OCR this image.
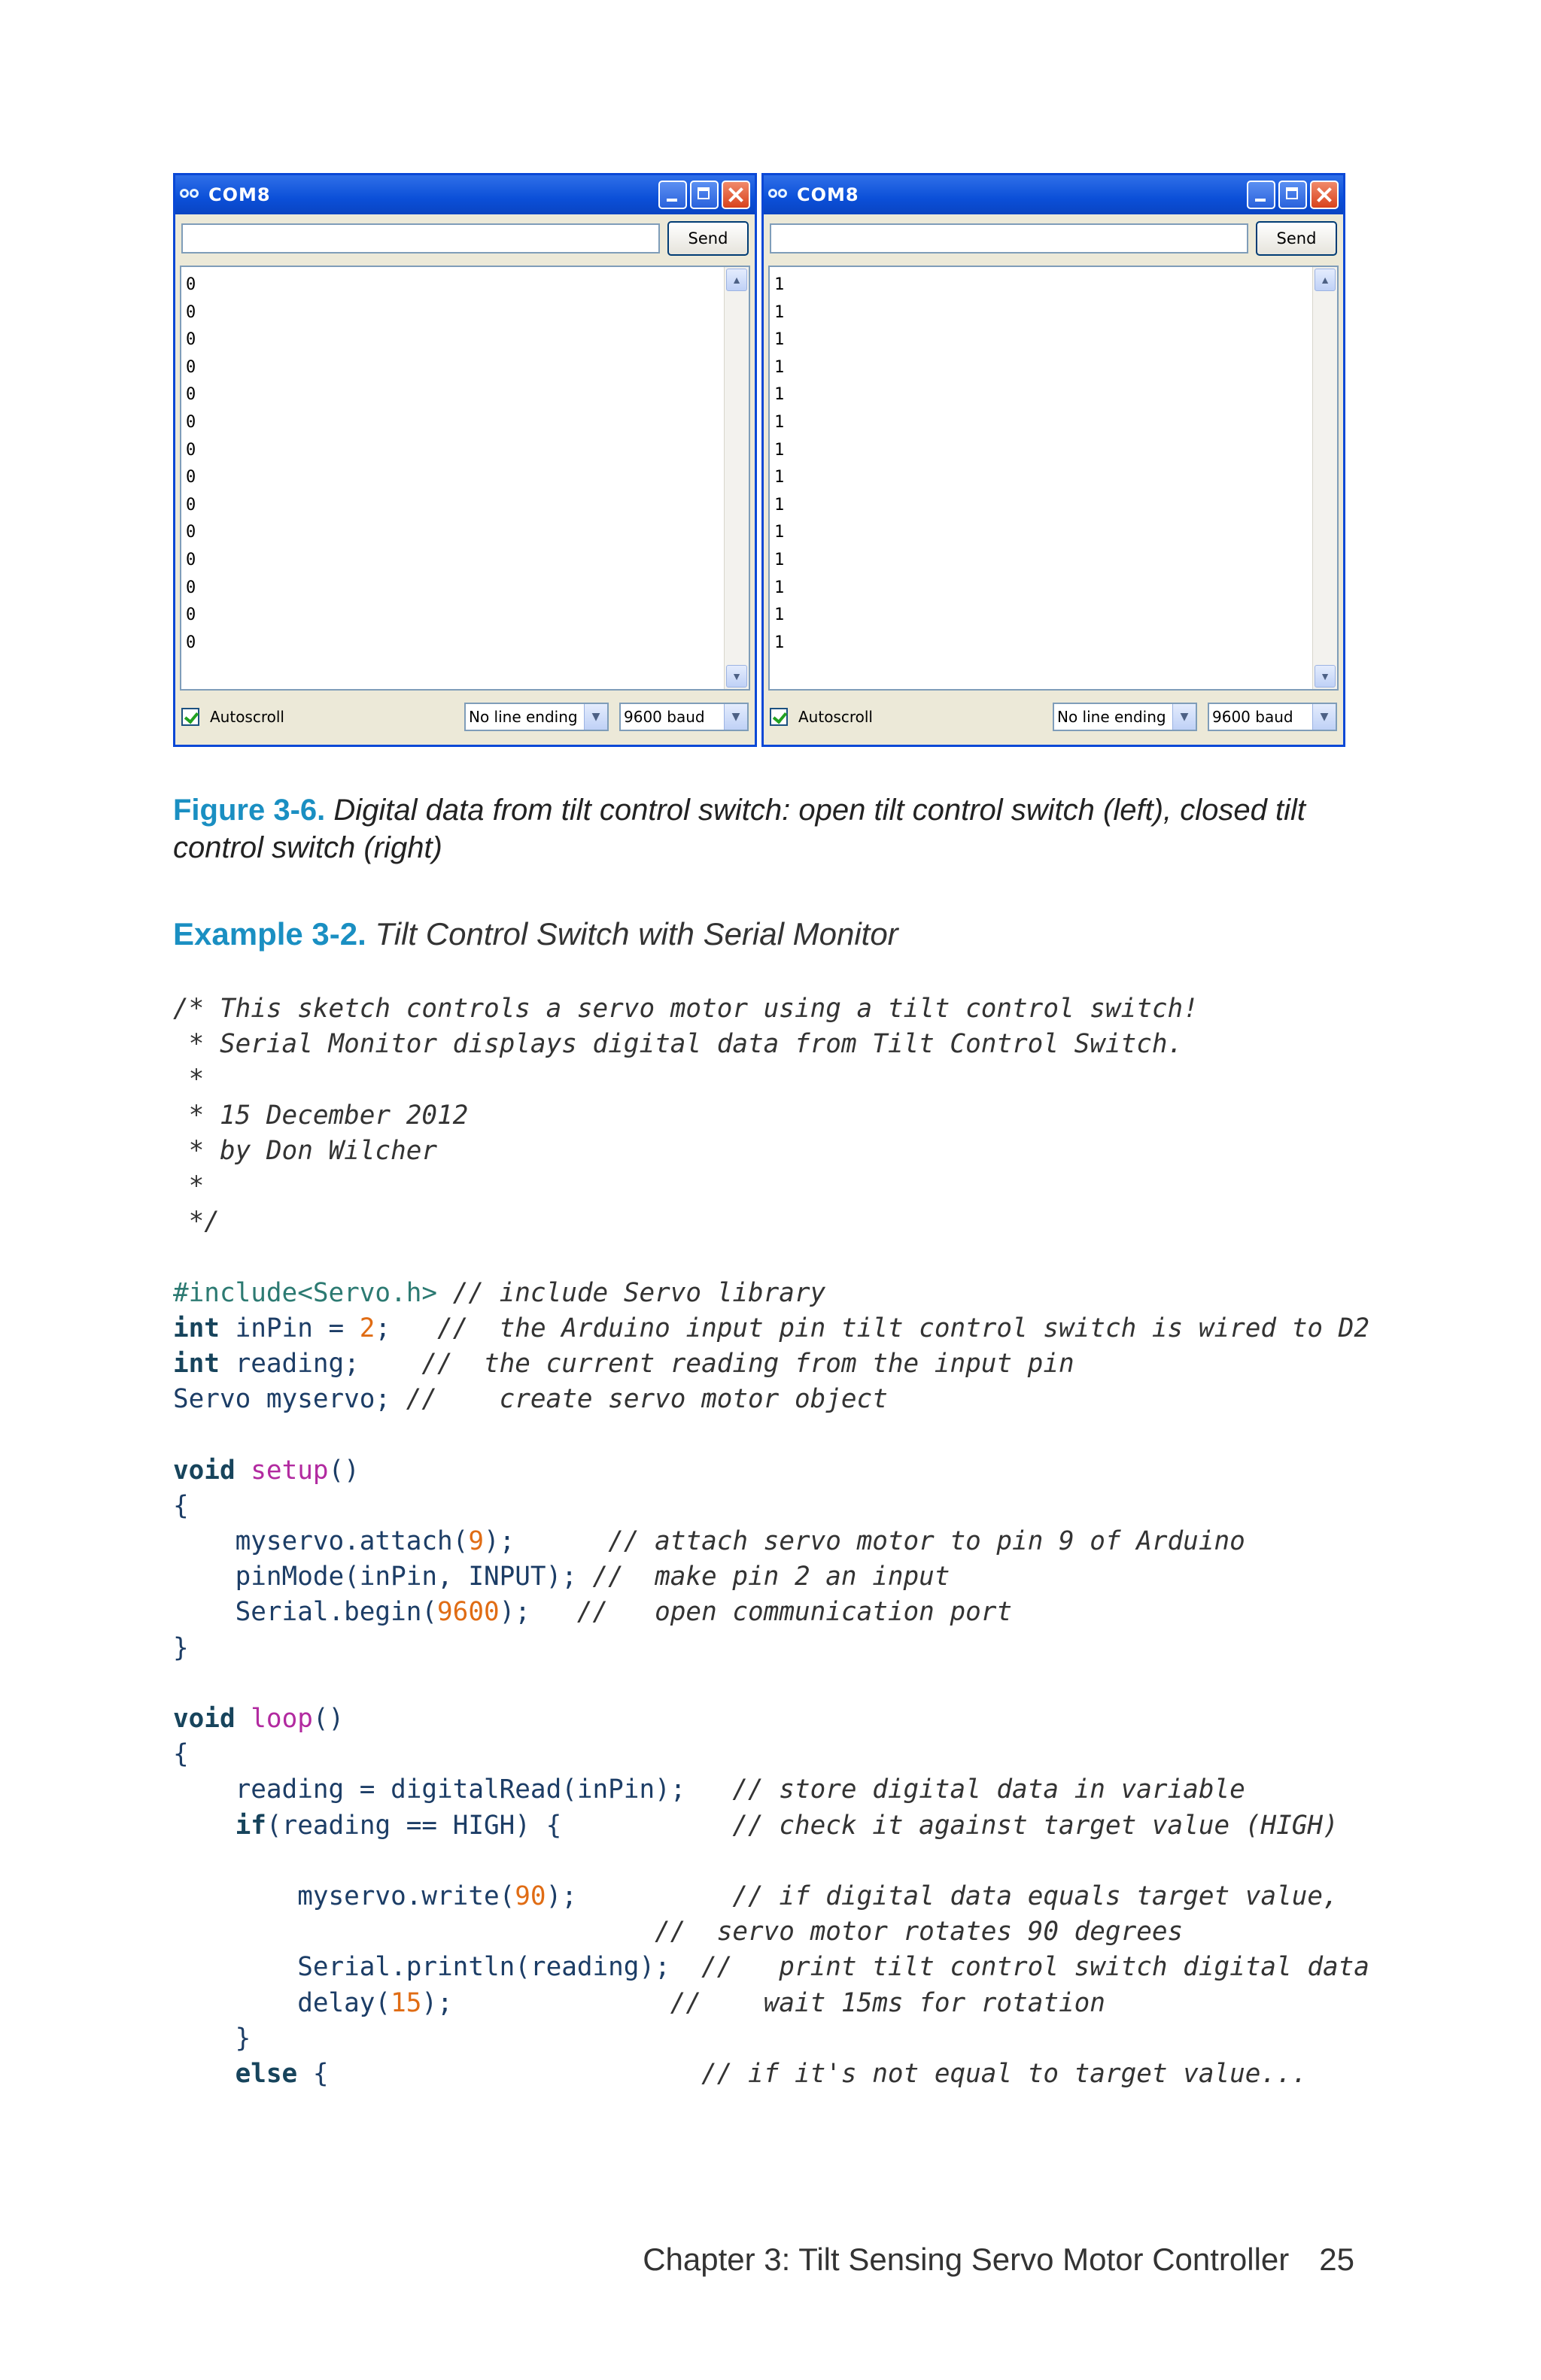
COM8
Send
0
0
0
0
0
0
0
0
0
0
0
0
0
0
▲
▼
Autoscroll	No line ending	▼	9600 baud	▼
COM8
Send
1
1
1
1
1
1
1
1
1
1
1
1
1
1
▲
▼
Autoscroll	No line ending	▼	9600 baud	▼
Figure 3-6. Digital data from tilt control switch: open tilt control switch (left), closed tilt control switch (right)
Example 3-2. Tilt Control Switch with Serial Monitor
/* This sketch controls a servo motor using a tilt control switch!
* Serial Monitor displays digital data from Tilt Control Switch.
*
* 15 December 2012
* by Don Wilcher
*
*/

#include<Servo.h> // include Servo library
int inPin = 2;   //  the Arduino input pin tilt control switch is wired to D2
int reading;    //  the current reading from the input pin
Servo myservo; //    create servo motor object

void setup()
{
myservo.attach(9);      // attach servo motor to pin 9 of Arduino
pinMode(inPin, INPUT); //  make pin 2 an input
Serial.begin(9600);   //   open communication port
}

void loop()
{
reading = digitalRead(inPin);   // store digital data in variable
if(reading == HIGH) {           // check it against target value (HIGH)

myservo.write(90);          // if digital data equals target value,
//  servo motor rotates 90 degrees
Serial.println(reading);  //   print tilt control switch digital data
delay(15);              //    wait 15ms for rotation
}
else {                        // if it's not equal to target value...
Chapter 3: Tilt Sensing Servo Motor Controller 25
